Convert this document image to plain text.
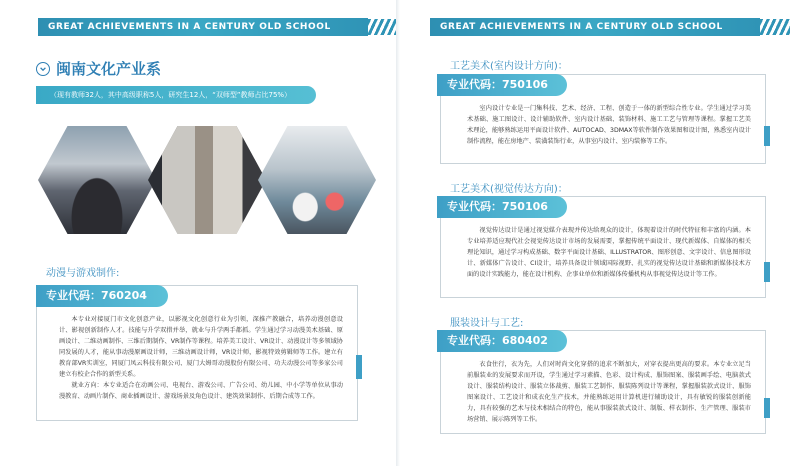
GREAT ACHIEVEMENTS IN A CENTURY OLD SCHOOL
闽南文化产业系
（现有教师32人，其中高级职称5人，研究生12人，“双师型”教师占比75%）
动漫与游戏制作:
专业代码：760204

本专业对接厦门市文化创意产业，以影视文化创意行业为引领，深推产教融合，培养动漫创意设计、影视创新制作人才。技能与升学双措并举，就业与升学两手都抓。学生通过学习动漫美术基础、原画设计、二维动画制作、三维后期制作、VR制作等课程。培养美工设计、VR设计、动漫设计等多领域协同发展的人才，能从事动漫原画设计师，三维动画设计师，VR设计师，影视特效剪辑师等工作。建立有教育部VR实训室，同厦门凤云科技有限公司、厦门大姆哥动漫股份有限公司、功夫动漫公司等多家公司建立有校企合作的新型关系。

就业方向：本专业适合在动画公司、电视台、游戏公司、广告公司、幼儿园、中小学等单位从事动漫教育、动画片制作、商业插画设计、游戏场景及角色设计、建筑效果制作、后期合成等工作。

GREAT ACHIEVEMENTS IN A CENTURY OLD SCHOOL
工艺美术(室内设计方向)：
专业代码：750106

室内设计专业是一门集科技、艺术、经济、工程、创造于一体的新型综合性专业。学生通过学习美术基础、施工图设计、设计辅助软件、室内设计基础、装饰材料、施工工艺与管理等课程。掌握工艺美术理论，能够熟练运用平面设计软件、AUTOCAD、3DMAX等软件制作效果图和设计图，熟悉室内设计制作流程，能在房地产、装潢装饰行业，从事室内设计、室内装修等工作。

工艺美术(视觉传达方向)：
专业代码：750106

视觉传达设计是通过视觉媒介表现并传达给观众的设计，体现着设计的时代特征和丰富的内涵。本专业培养适应现代社会视觉传达设计市场的发展需要，掌握传统平面设计、现代新媒体、自媒体的相关理论知识，通过学习构成基础、数字平面设计基础、ILLUSTRATOR、图形创意、文字设计、信息图形设计、新媒体广告设计、CI设计，培养具备设计领域国际视野、扎实的视觉传达设计基础和新媒体技术方面的设计实践能力，能在设计机构、企事业单位和新媒体传播机构从事视觉传达设计等工作。

服装设计与工艺:
专业代码：680402

衣食住行，衣为先，人们对时尚文化穿搭的追求不断加大，对穿衣提出更高的要求。本专业立足当前服装业的发展要求而开设，学生通过学习素描、色彩、设计构成、服饰图案、服装画手绘、电脑款式设计、服装结构设计、服装立体裁剪、服装工艺制作、服装陈列设计等课程，掌握服装款式设计、服饰图案设计、工艺设计和成衣化生产技术，并能熟练运用计算机进行辅助设计，具有敏锐的服装创新能力，具有较强的艺术与技术相结合的特色，能从事服装款式设计、制版、样衣制作、生产管理、服装市场营销、展示陈列等工作。
